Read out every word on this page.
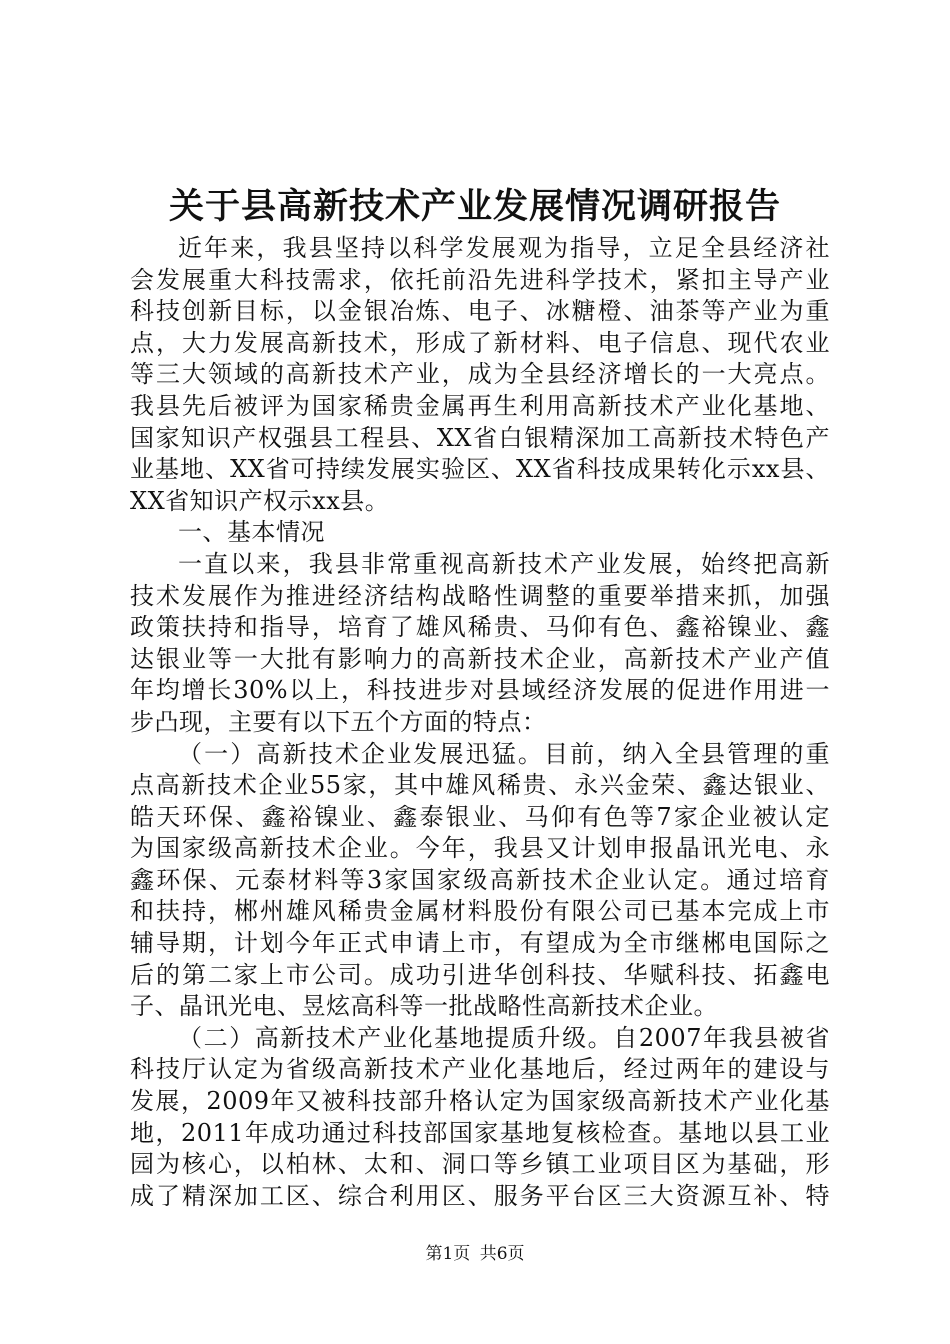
关于县高新技术产业发展情况调研报告
近年来，我县坚持以科学发展观为指导，立足全县经济社
会发展重大科技需求，依托前沿先进科学技术，紧扣主导产业
科技创新目标，以金银冶炼、电子、冰糖橙、油茶等产业为重
点，大力发展高新技术，形成了新材料、电子信息、现代农业
等三大领域的高新技术产业，成为全县经济增长的一大亮点。
我县先后被评为国家稀贵金属再生利用高新技术产业化基地、
国家知识产权强县工程县、XX省白银精深加工高新技术特色产
业基地、XX省可持续发展实验区、XX省科技成果转化示xx县、
XX省知识产权示xx县。
一、基本情况
一直以来，我县非常重视高新技术产业发展，始终把高新
技术发展作为推进经济结构战略性调整的重要举措来抓，加强
政策扶持和指导，培育了雄风稀贵、马仰有色、鑫裕镍业、鑫
达银业等一大批有影响力的高新技术企业，高新技术产业产值
年均增长30%以上，科技进步对县域经济发展的促进作用进一
步凸现，主要有以下五个方面的特点：
（一）高新技术企业发展迅猛。目前，纳入全县管理的重
点高新技术企业55家，其中雄风稀贵、永兴金荣、鑫达银业、
皓天环保、鑫裕镍业、鑫泰银业、马仰有色等7家企业被认定
为国家级高新技术企业。今年，我县又计划申报晶讯光电、永
鑫环保、元泰材料等3家国家级高新技术企业认定。通过培育
和扶持，郴州雄风稀贵金属材料股份有限公司已基本完成上市
辅导期，计划今年正式申请上市，有望成为全市继郴电国际之
后的第二家上市公司。成功引进华创科技、华赋科技、拓鑫电
子、晶讯光电、昱炫高科等一批战略性高新技术企业。
（二）高新技术产业化基地提质升级。自2007年我县被省
科技厅认定为省级高新技术产业化基地后，经过两年的建设与
发展，2009年又被科技部升格认定为国家级高新技术产业化基
地，2011年成功通过科技部国家基地复核检查。基地以县工业
园为核心，以柏林、太和、洞口等乡镇工业项目区为基础，形
成了精深加工区、综合利用区、服务平台区三大资源互补、特
第1页 共6页
